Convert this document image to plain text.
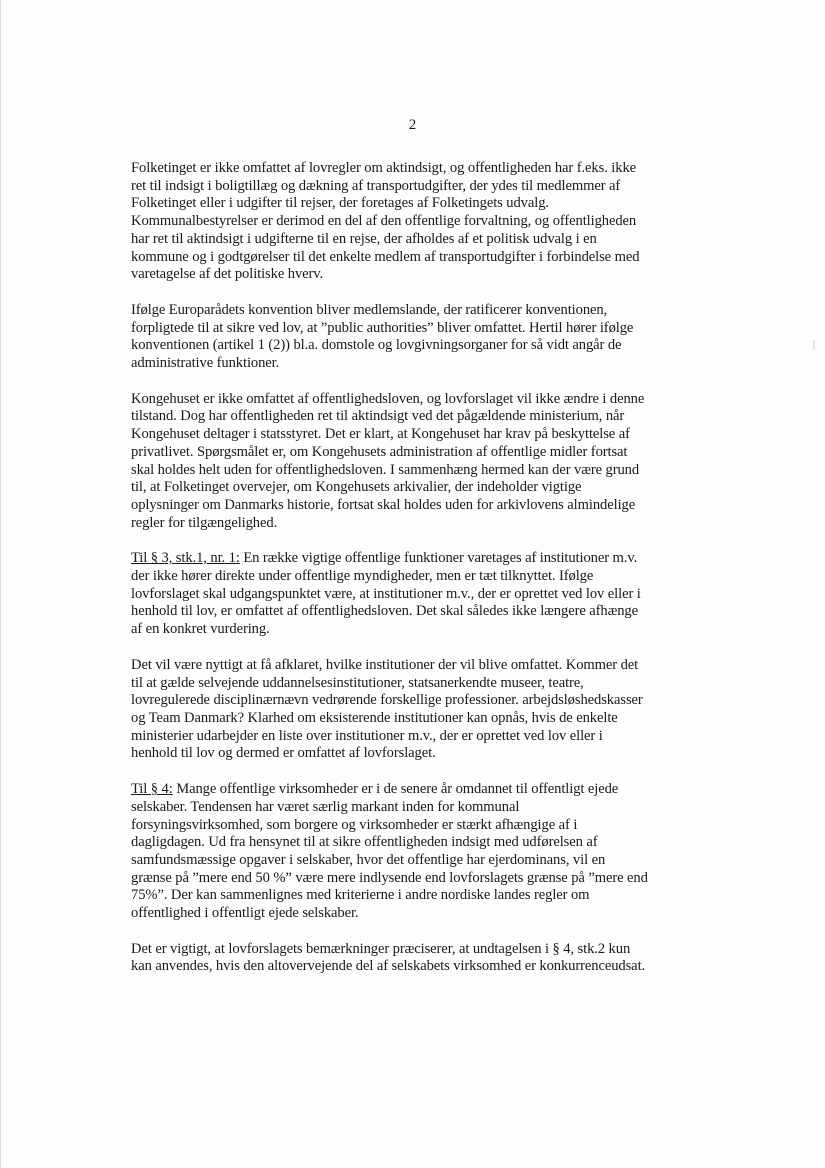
2

Folketinget er ikke omfattet af lovregler om aktindsigt, og offentligheden har f.eks. ikke
ret til indsigt i boligtillæg og dækning af transportudgifter, der ydes til medlemmer af
Folketinget eller i udgifter til rejser, der foretages af Folketingets udvalg.
Kommunalbestyrelser er derimod en del af den offentlige forvaltning, og offentligheden
har ret til aktindsigt i udgifterne til en rejse, der afholdes af et politisk udvalg i en
kommune og i godtgørelser til det enkelte medlem af transportudgifter i forbindelse med
varetagelse af det politiske hverv.

Ifølge Europarådets konvention bliver medlemslande, der ratificerer konventionen,
forpligtede til at sikre ved lov, at ”public authorities” bliver omfattet. Hertil hører ifølge
konventionen (artikel 1 (2)) bl.a. domstole og lovgivningsorganer for så vidt angår de
administrative funktioner.

Kongehuset er ikke omfattet af offentlighedsloven, og lovforslaget vil ikke ændre i denne
tilstand. Dog har offentligheden ret til aktindsigt ved det pågældende ministerium, når
Kongehuset deltager i statsstyret. Det er klart, at Kongehuset har krav på beskyttelse af
privatlivet. Spørgsmålet er, om Kongehusets administration af offentlige midler fortsat
skal holdes helt uden for offentlighedsloven. I sammenhæng hermed kan der være grund
til, at Folketinget overvejer, om Kongehusets arkivalier, der indeholder vigtige
oplysninger om Danmarks historie, fortsat skal holdes uden for arkivlovens almindelige
regler for tilgængelighed.

Til § 3, stk.1, nr. 1: En række vigtige offentlige funktioner varetages af institutioner m.v.
der ikke hører direkte under offentlige myndigheder, men er tæt tilknyttet. Ifølge
lovforslaget skal udgangspunktet være, at institutioner m.v., der er oprettet ved lov eller i
henhold til lov, er omfattet af offentlighedsloven. Det skal således ikke længere afhænge
af en konkret vurdering.

Det vil være nyttigt at få afklaret, hvilke institutioner der vil blive omfattet. Kommer det
til at gælde selvejende uddannelsesinstitutioner, statsanerkendte museer, teatre,
lovregulerede disciplinærnævn vedrørende forskellige professioner. arbejdsløshedskasser
og Team Danmark? Klarhed om eksisterende institutioner kan opnås, hvis de enkelte
ministerier udarbejder en liste over institutioner m.v., der er oprettet ved lov eller i
henhold til lov og dermed er omfattet af lovforslaget.

Til § 4: Mange offentlige virksomheder er i de senere år omdannet til offentligt ejede
selskaber. Tendensen har været særlig markant inden for kommunal
forsyningsvirksomhed, som borgere og virksomheder er stærkt afhængige af i
dagligdagen. Ud fra hensynet til at sikre offentligheden indsigt med udførelsen af
samfundsmæssige opgaver i selskaber, hvor det offentlige har ejerdominans, vil en
grænse på ”mere end 50 %” være mere indlysende end lovforslagets grænse på ”mere end
75%”. Der kan sammenlignes med kriterierne i andre nordiske landes regler om
offentlighed i offentligt ejede selskaber.

Det er vigtigt, at lovforslagets bemærkninger præciserer, at undtagelsen i § 4, stk.2 kun
kan anvendes, hvis den altovervejende del af selskabets virksomhed er konkurrenceudsat.
